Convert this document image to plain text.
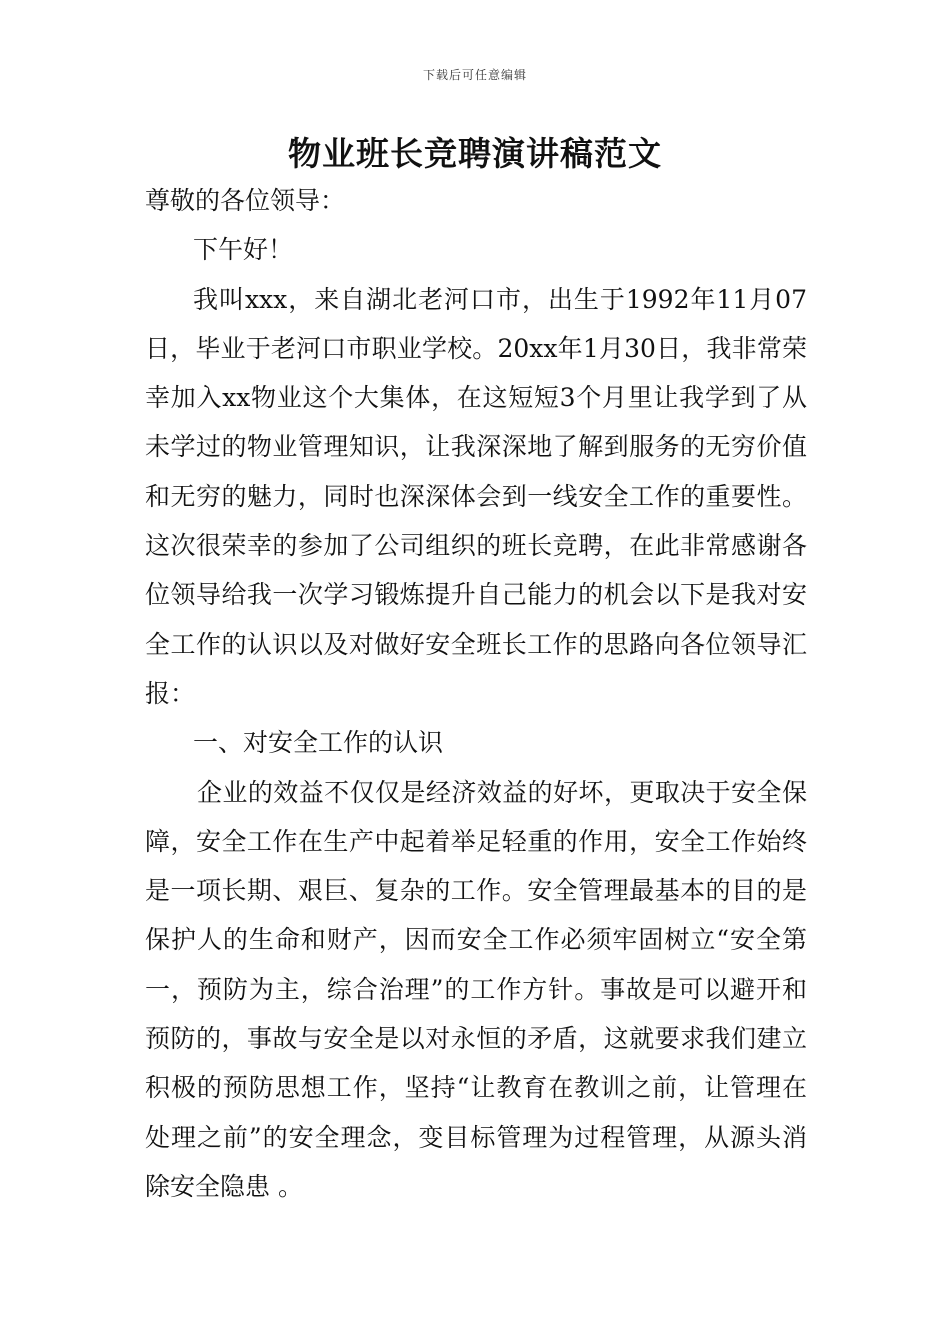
下载后可任意编辑
物业班长竞聘演讲稿范文

尊敬的各位领导：

下午好！

我叫xxx，来自湖北老河口市，出生于1992年11月07日，毕业于老河口市职业学校。20xx年1月30日，我非常荣幸加入xx物业这个大集体，在这短短3个月里让我学到了从未学过的物业管理知识，让我深深地了解到服务的无穷价值和无穷的魅力，同时也深深体会到一线安全工作的重要性。这次很荣幸的参加了公司组织的班长竞聘，在此非常感谢各位领导给我一次学习锻炼提升自己能力的机会以下是我对安全工作的认识以及对做好安全班长工作的思路向各位领导汇报：

一、对安全工作的认识

企业的效益不仅仅是经济效益的好坏，更取决于安全保障，安全工作在生产中起着举足轻重的作用，安全工作始终是一项长期、艰巨、复杂的工作。安全管理最基本的目的是保护人的生命和财产，因而安全工作必须牢固树立“安全第一，预防为主，综合治理”的工作方针。事故是可以避开和预防的，事故与安全是以对永恒的矛盾，这就要求我们建立积极的预防思想工作，坚持“让教育在教训之前，让管理在处理之前”的安全理念，变目标管理为过程管理，从源头消除安全隐患 。
